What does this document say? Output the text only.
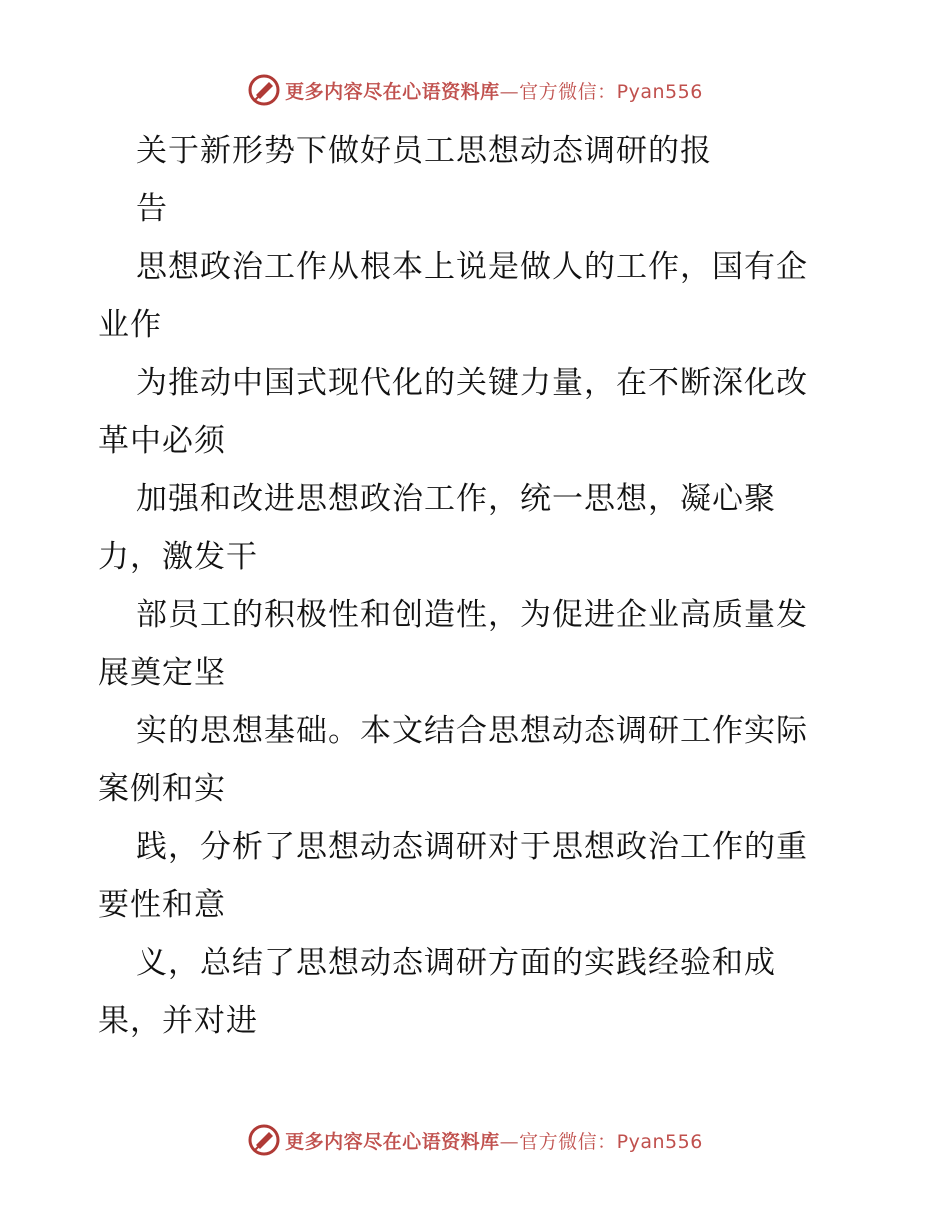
更多内容尽在心语资料库—官方微信：Pyan556
关于新形势下做好员工思想动态调研的报
告
思想政治工作从根本上说是做人的工作，国有企
业作
为推动中国式现代化的关键力量，在不断深化改
革中必须
加强和改进思想政治工作，统一思想，凝心聚
力，激发干
部员工的积极性和创造性，为促进企业高质量发
展奠定坚
实的思想基础。本文结合思想动态调研工作实际
案例和实
践，分析了思想动态调研对于思想政治工作的重
要性和意
义，总结了思想动态调研方面的实践经验和成
果，并对进
更多内容尽在心语资料库—官方微信：Pyan556
